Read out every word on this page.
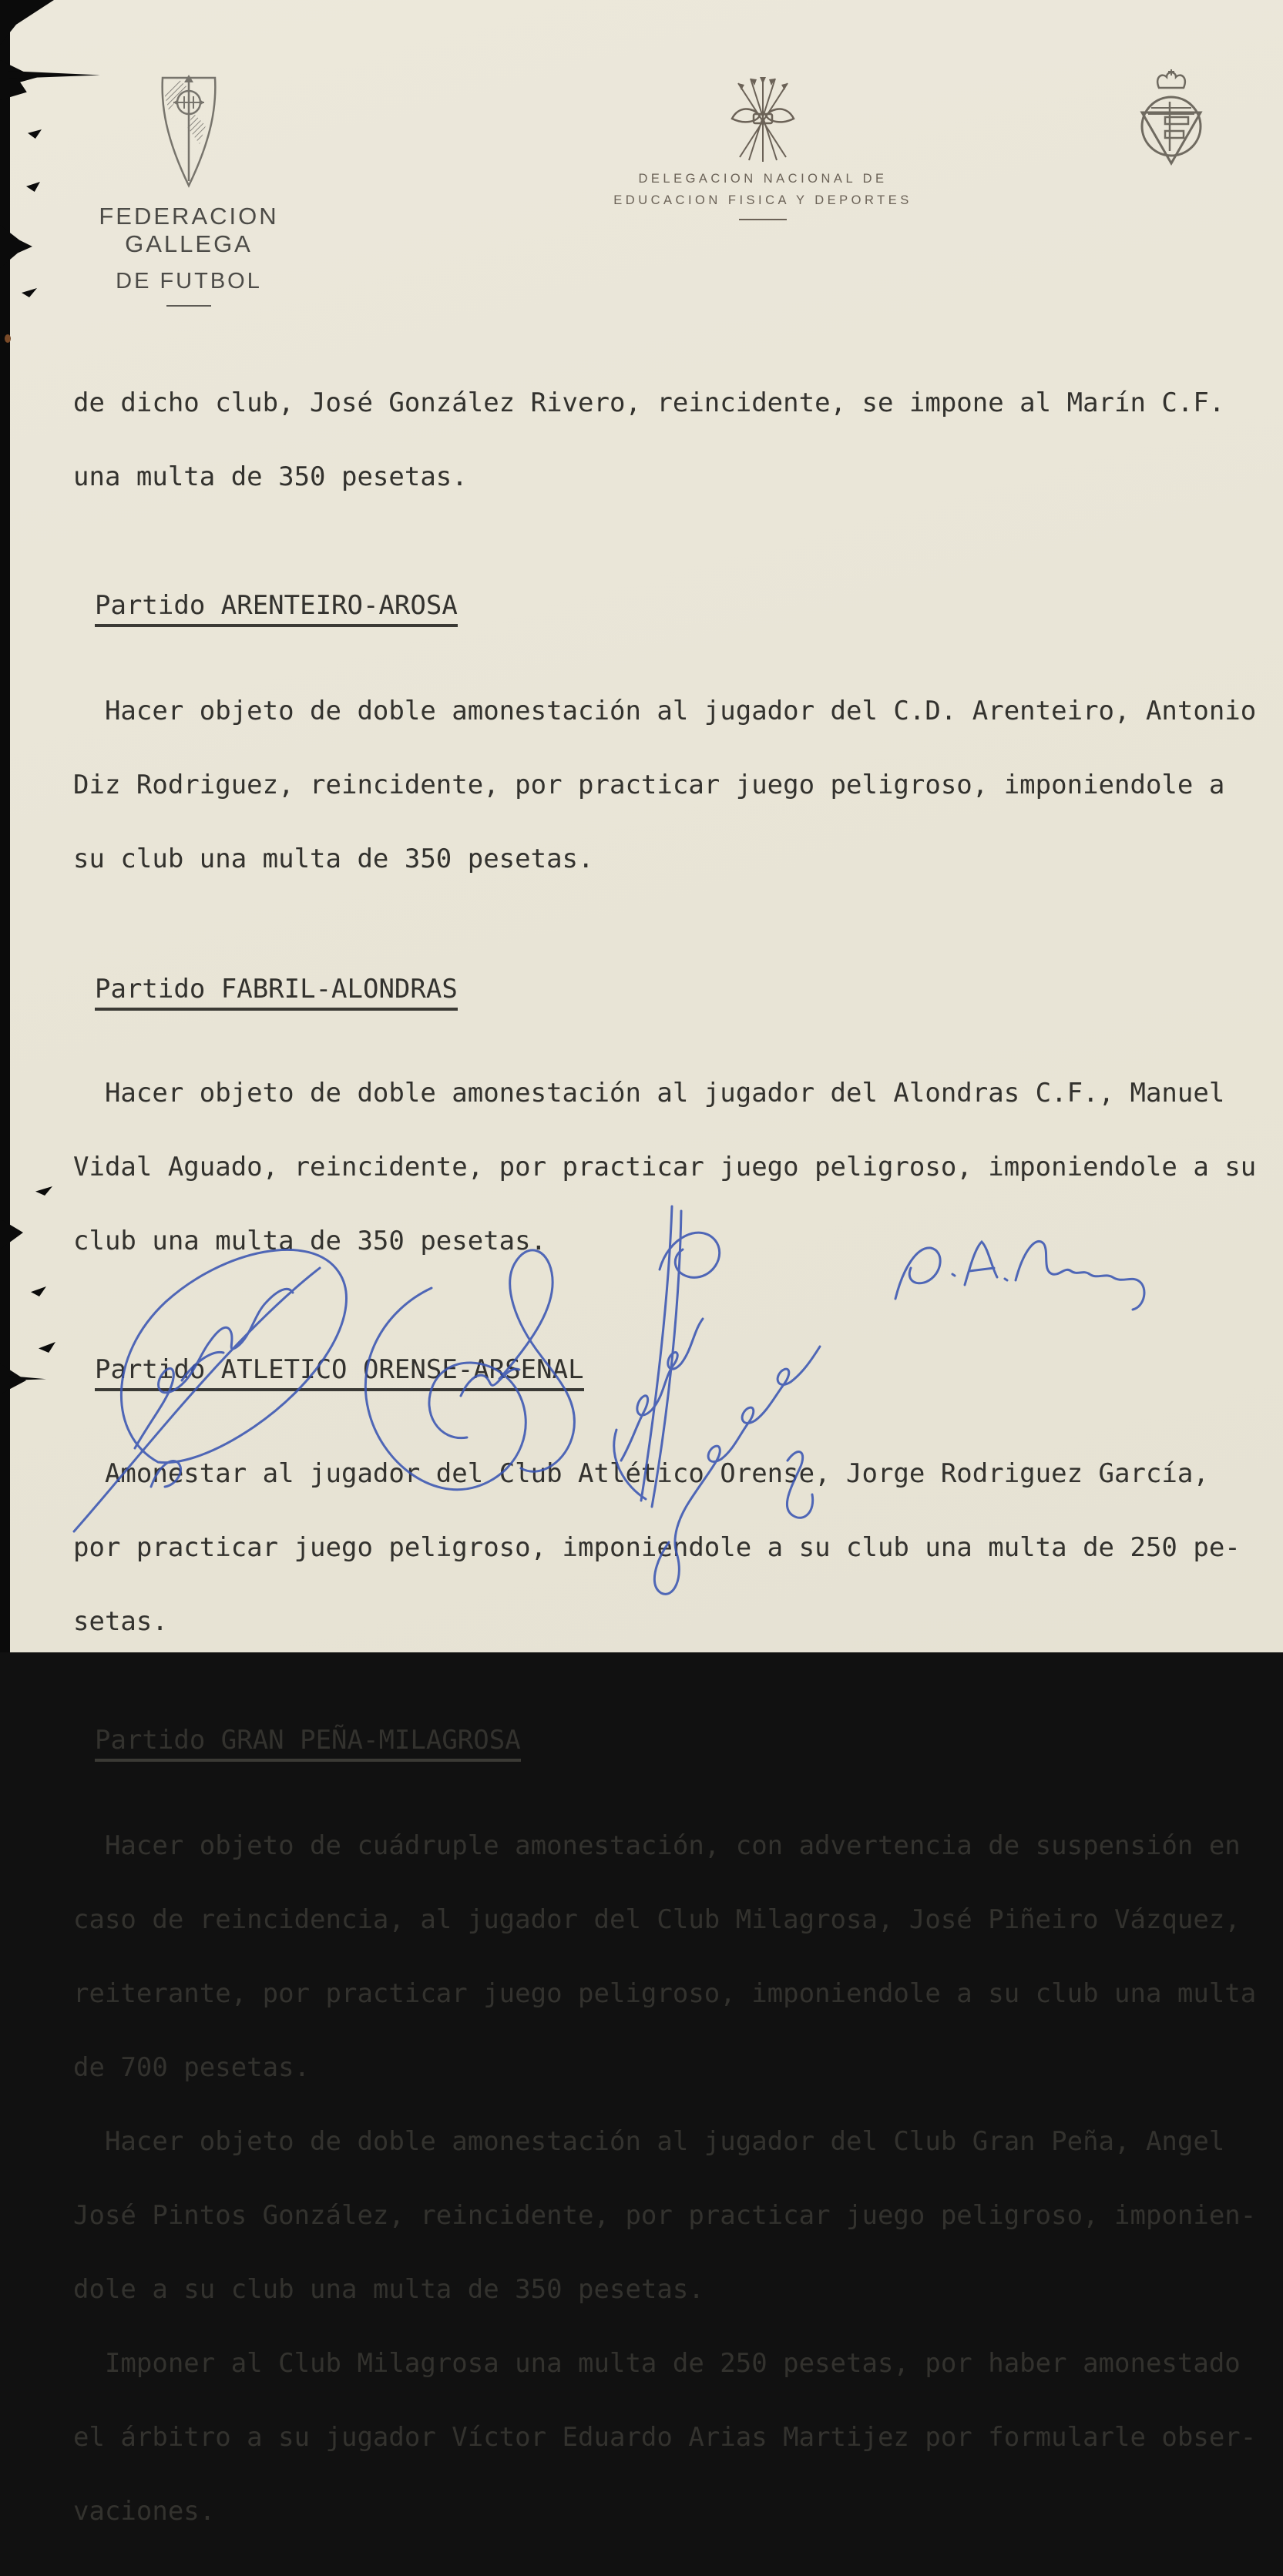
FEDERACION GALLEGA
DE FUTBOL
DELEGACION NACIONAL DE
EDUCACION FISICA Y DEPORTES

de dicho club, José González Rivero, reincidente, se impone al Marín C.F.

una multa de 350 pesetas.

Partido ARENTEIRO-AROSA

Hacer objeto de doble amonestación al jugador del C.D. Arenteiro, Antonio

Diz Rodriguez, reincidente, por practicar juego peligroso, imponiendole a

su club una multa de 350 pesetas.

Partido FABRIL-ALONDRAS

Hacer objeto de doble amonestación al jugador del Alondras C.F., Manuel

Vidal Aguado, reincidente, por practicar juego peligroso, imponiendole a su

club una multa de 350 pesetas.

Partido ATLETICO ORENSE-ARSENAL

Amonestar al jugador del Club Atlético Orense, Jorge Rodriguez García,

por practicar juego peligroso, imponiendole a su club una multa de 250 pe-

setas.

Partido GRAN PEÑA-MILAGROSA

Hacer objeto de cuádruple amonestación, con advertencia de suspensión en

caso de reincidencia, al jugador del Club Milagrosa, José Piñeiro Vázquez,

reiterante, por practicar juego peligroso, imponiendole a su club una multa

de 700 pesetas.

Hacer objeto de doble amonestación al jugador del Club Gran Peña, Angel

José Pintos González, reincidente, por practicar juego peligroso, imponien-

dole a su club una multa de 350 pesetas.

Imponer al Club Milagrosa una multa de 250 pesetas, por haber amonestado

el árbitro a su jugador Víctor Eduardo Arias Martijez por formularle obser-

vaciones.
